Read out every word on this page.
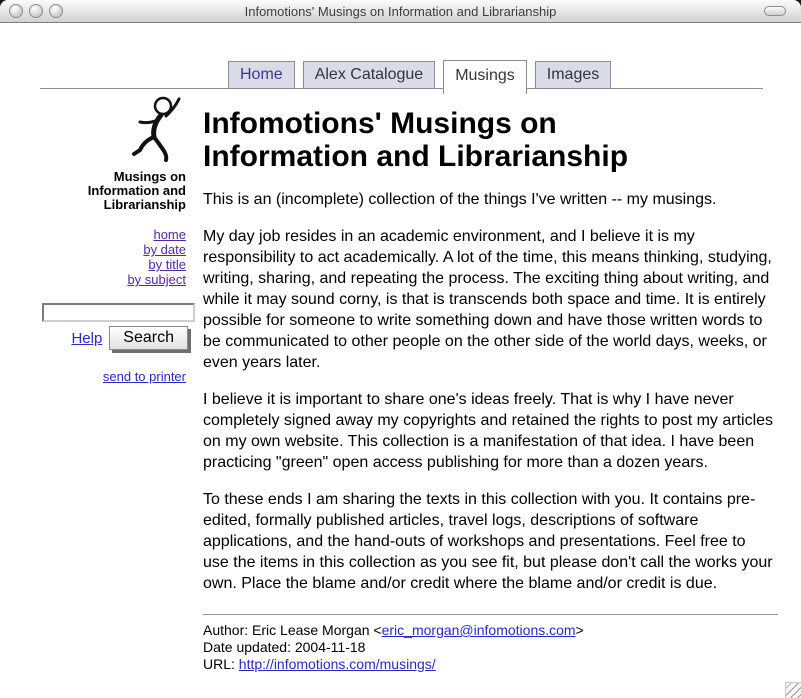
Infomotions' Musings on Information and Librarianship
Home	Alex Catalogue	Musings	Images
Musings on
Information and
Librarianship
home
by date
by title
by subject
Help	Search
send to printer
Infomotions' Musings on
Information and Librarianship

This is an (incomplete) collection of the things I've written -- my musings.

My day job resides in an academic environment, and I believe it is my responsibility to act academically. A lot of the time, this means thinking, studying, writing, sharing, and repeating the process. The exciting thing about writing, and while it may sound corny, is that is transcends both space and time. It is entirely possible for someone to write something down and have those written words to be communicated to other people on the other side of the world days, weeks, or even years later.

I believe it is important to share one's ideas freely. That is why I have never completely signed away my copyrights and retained the rights to post my articles on my own website. This collection is a manifestation of that idea. I have been practicing "green" open access publishing for more than a dozen years.

To these ends I am sharing the texts in this collection with you. It contains pre-edited, formally published articles, travel logs, descriptions of software applications, and the hand-outs of workshops and presentations. Feel free to use the items in this collection as you see fit, but please don't call the works your own. Place the blame and/or credit where the blame and/or credit is due.

Author: Eric Lease Morgan <eric_morgan@infomotions.com>
Date updated: 2004-11-18
URL: http://infomotions.com/musings/
